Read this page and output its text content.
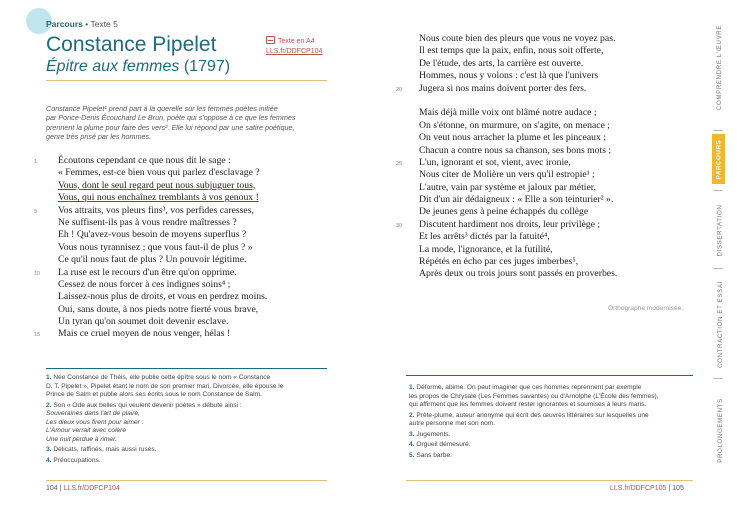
Parcours • Texte 5
Constance Pipelet
Épitre aux femmes (1797)
Texte en A4
LLS.fr/DDFCP104
Constance Pipelet¹ prend part à la querelle sur les femmes poètes initiée
par Ponce-Denis Écouchard Le Brun, poète qui s'oppose à ce que les femmes
prennent la plume pour faire des vers². Elle lui répond par une satire poétique,
genre très prisé par les hommes.
1 Écoutons cependant ce que nous dit le sage :
« Femmes, est-ce bien vous qui parlez d'esclavage ?
Vous, dont le seul regard peut nous subjuguer tous,
Vous, qui nous enchaînez tremblants à vos genoux !
5 Vos attraits, vos pleurs fins³, vos perfides caresses,
Ne suffisent-ils pas à vous rendre maîtresses ?
Eh ! Qu'avez-vous besoin de moyens superflus ?
Vous nous tyrannisez ; que vous faut-il de plus ? »
Ce qu'il nous faut de plus ? Un pouvoir légitime.
10 La ruse est le recours d'un être qu'on opprime.
Cessez de nous forcer à ces indignes soins⁴ ;
Laissez-nous plus de droits, et vous en perdrez moins.
Oui, sans doute, à nos pieds notre fierté vous brave,
Un tyran qu'on soumet doit devenir esclave.
15 Mais ce cruel moyen de nous venger, hélas !
1. Née Constance de Théis, elle publie cette épître sous le nom « Constance
D. T. Pipelet », Pipelet étant le nom de son premier mari. Divorcée, elle épouse le
Prince de Salm et publie alors ses écrits sous le nom Constance de Salm.
2. Son « Ode aux belles qui veulent devenir poètes » débute ainsi :
Souveraines dans l'art de plaire,
Les dieux vous firent pour aimer :
L'Amour verrait avec colère
Une nuit perdue à rimer.
3. Délicats, raffinés, mais aussi rusés.
4. Préoccupations.
104 | LLS.fr/DDFCP104
Nous coute bien des pleurs que vous ne voyez pas.
Il est temps que la paix, enfin, nous soit offerte,
De l'étude, des arts, la carrière est ouverte.
Hommes, nous y volons : c'est là que l'univers
20 Jugera si nos mains doivent porter des fers.
Mais déjà mille voix ont blâmé notre audace ;
On s'étonne, on murmure, on s'agite, on menace ;
On veut nous arracher la plume et les pinceaux ;
Chacun a contre nous sa chanson, ses bons mots ;
25 L'un, ignorant et sot, vient, avec ironie,
Nous citer de Molière un vers qu'il estropie¹ ;
L'autre, vain par système et jaloux par métier,
Dit d'un air dédaigneux : « Elle a son teinturier² ».
De jeunes gens à peine échappés du collège
30 Discutent hardiment nos droits, leur privilège ;
Et les arrêts³ dictés par la fatuité⁴,
La mode, l'ignorance, et la futilité,
Répétés en écho par ces juges imberbes⁵,
Après deux ou trois jours sont passés en proverbes.
Orthographe modernisée.
1. Déforme, abime. On peut imaginer que ces hommes reprennent par exemple
les propos de Chrysale (Les Femmes savantes) ou d'Arnolphe (L'École des femmes),
qui affirment que les femmes doivent rester ignorantes et soumises à leurs maris.
2. Prête-plume, auteur anonyme qui écrit des œuvres littéraires sur lesquelles une
autre personne met son nom.
3. Jugements.
4. Orgueil démesuré.
5. Sans barbe.
LLS.fr/DDFCP105 | 105
COMPRENDRE L'ŒUVRE
PARCOURS
DISSERTATION
CONTRACTION ET ESSAI
PROLONGEMENTS
